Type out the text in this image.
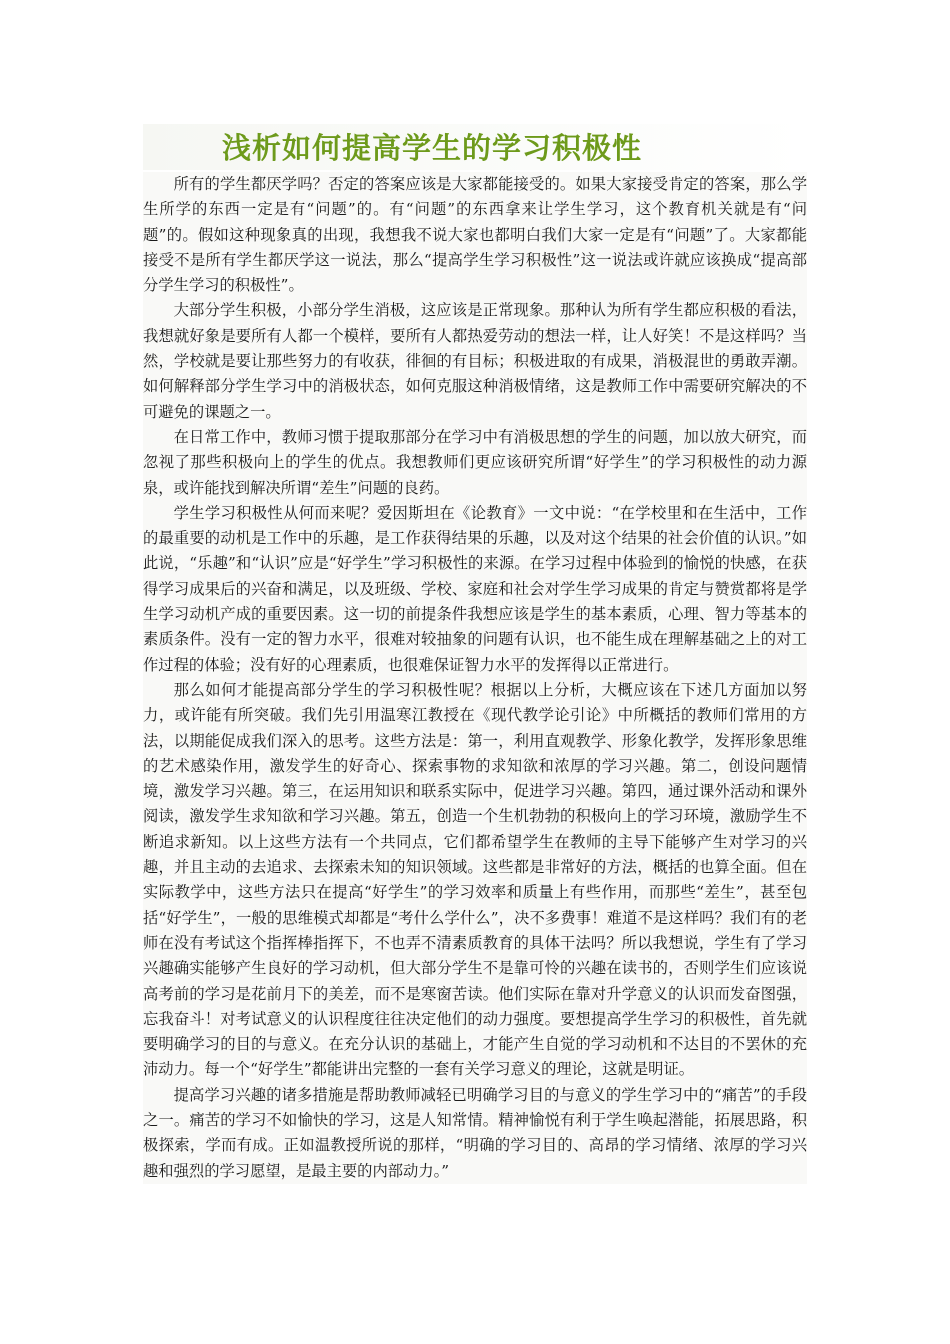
浅析如何提高学生的学习积极性

所有的学生都厌学吗？否定的答案应该是大家都能接受的。如果大家接受肯定的答案，那么学生所学的东西一定是有“问题”的。有“问题”的东西拿来让学生学习，这个教育机关就是有“问题”的。假如这种现象真的出现，我想我不说大家也都明白我们大家一定是有“问题”了。大家都能接受不是所有学生都厌学这一说法，那么“提高学生学习积极性”这一说法或许就应该换成“提高部分学生学习的积极性”。

大部分学生积极，小部分学生消极，这应该是正常现象。那种认为所有学生都应积极的看法，我想就好象是要所有人都一个模样，要所有人都热爱劳动的想法一样，让人好笑！不是这样吗？当然，学校就是要让那些努力的有收获，徘徊的有目标；积极进取的有成果，消极混世的勇敢弄潮。如何解释部分学生学习中的消极状态，如何克服这种消极情绪，这是教师工作中需要研究解决的不可避免的课题之一。

在日常工作中，教师习惯于提取那部分在学习中有消极思想的学生的问题，加以放大研究，而忽视了那些积极向上的学生的优点。我想教师们更应该研究所谓“好学生”的学习积极性的动力源泉，或许能找到解决所谓“差生”问题的良药。

学生学习积极性从何而来呢？爱因斯坦在《论教育》一文中说：“在学校里和在生活中，工作的最重要的动机是工作中的乐趣，是工作获得结果的乐趣，以及对这个结果的社会价值的认识。”如此说，“乐趣”和“认识”应是“好学生”学习积极性的来源。在学习过程中体验到的愉悦的快感，在获得学习成果后的兴奋和满足，以及班级、学校、家庭和社会对学生学习成果的肯定与赞赏都将是学生学习动机产成的重要因素。这一切的前提条件我想应该是学生的基本素质，心理、智力等基本的素质条件。没有一定的智力水平，很难对较抽象的问题有认识，也不能生成在理解基础之上的对工作过程的体验；没有好的心理素质，也很难保证智力水平的发挥得以正常进行。

那么如何才能提高部分学生的学习积极性呢？根据以上分析，大概应该在下述几方面加以努力，或许能有所突破。我们先引用温寒江教授在《现代教学论引论》中所概括的教师们常用的方法，以期能促成我们深入的思考。这些方法是：第一，利用直观教学、形象化教学，发挥形象思维的艺术感染作用，激发学生的好奇心、探索事物的求知欲和浓厚的学习兴趣。第二，创设问题情境，激发学习兴趣。第三，在运用知识和联系实际中，促进学习兴趣。第四，通过课外活动和课外阅读，激发学生求知欲和学习兴趣。第五，创造一个生机勃勃的积极向上的学习环境，激励学生不断追求新知。以上这些方法有一个共同点，它们都希望学生在教师的主导下能够产生对学习的兴趣，并且主动的去追求、去探索未知的知识领域。这些都是非常好的方法，概括的也算全面。但在实际教学中，这些方法只在提高“好学生”的学习效率和质量上有些作用，而那些“差生”，甚至包括“好学生”，一般的思维模式却都是“考什么学什么”，决不多费事！难道不是这样吗？我们有的老师在没有考试这个指挥棒指挥下，不也弄不清素质教育的具体干法吗？所以我想说，学生有了学习兴趣确实能够产生良好的学习动机，但大部分学生不是靠可怜的兴趣在读书的，否则学生们应该说高考前的学习是花前月下的美差，而不是寒窗苦读。他们实际在靠对升学意义的认识而发奋图强，忘我奋斗！对考试意义的认识程度往往决定他们的动力强度。要想提高学生学习的积极性，首先就要明确学习的目的与意义。在充分认识的基础上，才能产生自觉的学习动机和不达目的不罢休的充沛动力。每一个“好学生”都能讲出完整的一套有关学习意义的理论，这就是明证。

提高学习兴趣的诸多措施是帮助教师减轻已明确学习目的与意义的学生学习中的“痛苦”的手段之一。痛苦的学习不如愉快的学习，这是人知常情。精神愉悦有利于学生唤起潜能，拓展思路，积极探索，学而有成。正如温教授所说的那样，“明确的学习目的、高昂的学习情绪、浓厚的学习兴趣和强烈的学习愿望，是最主要的内部动力。”
